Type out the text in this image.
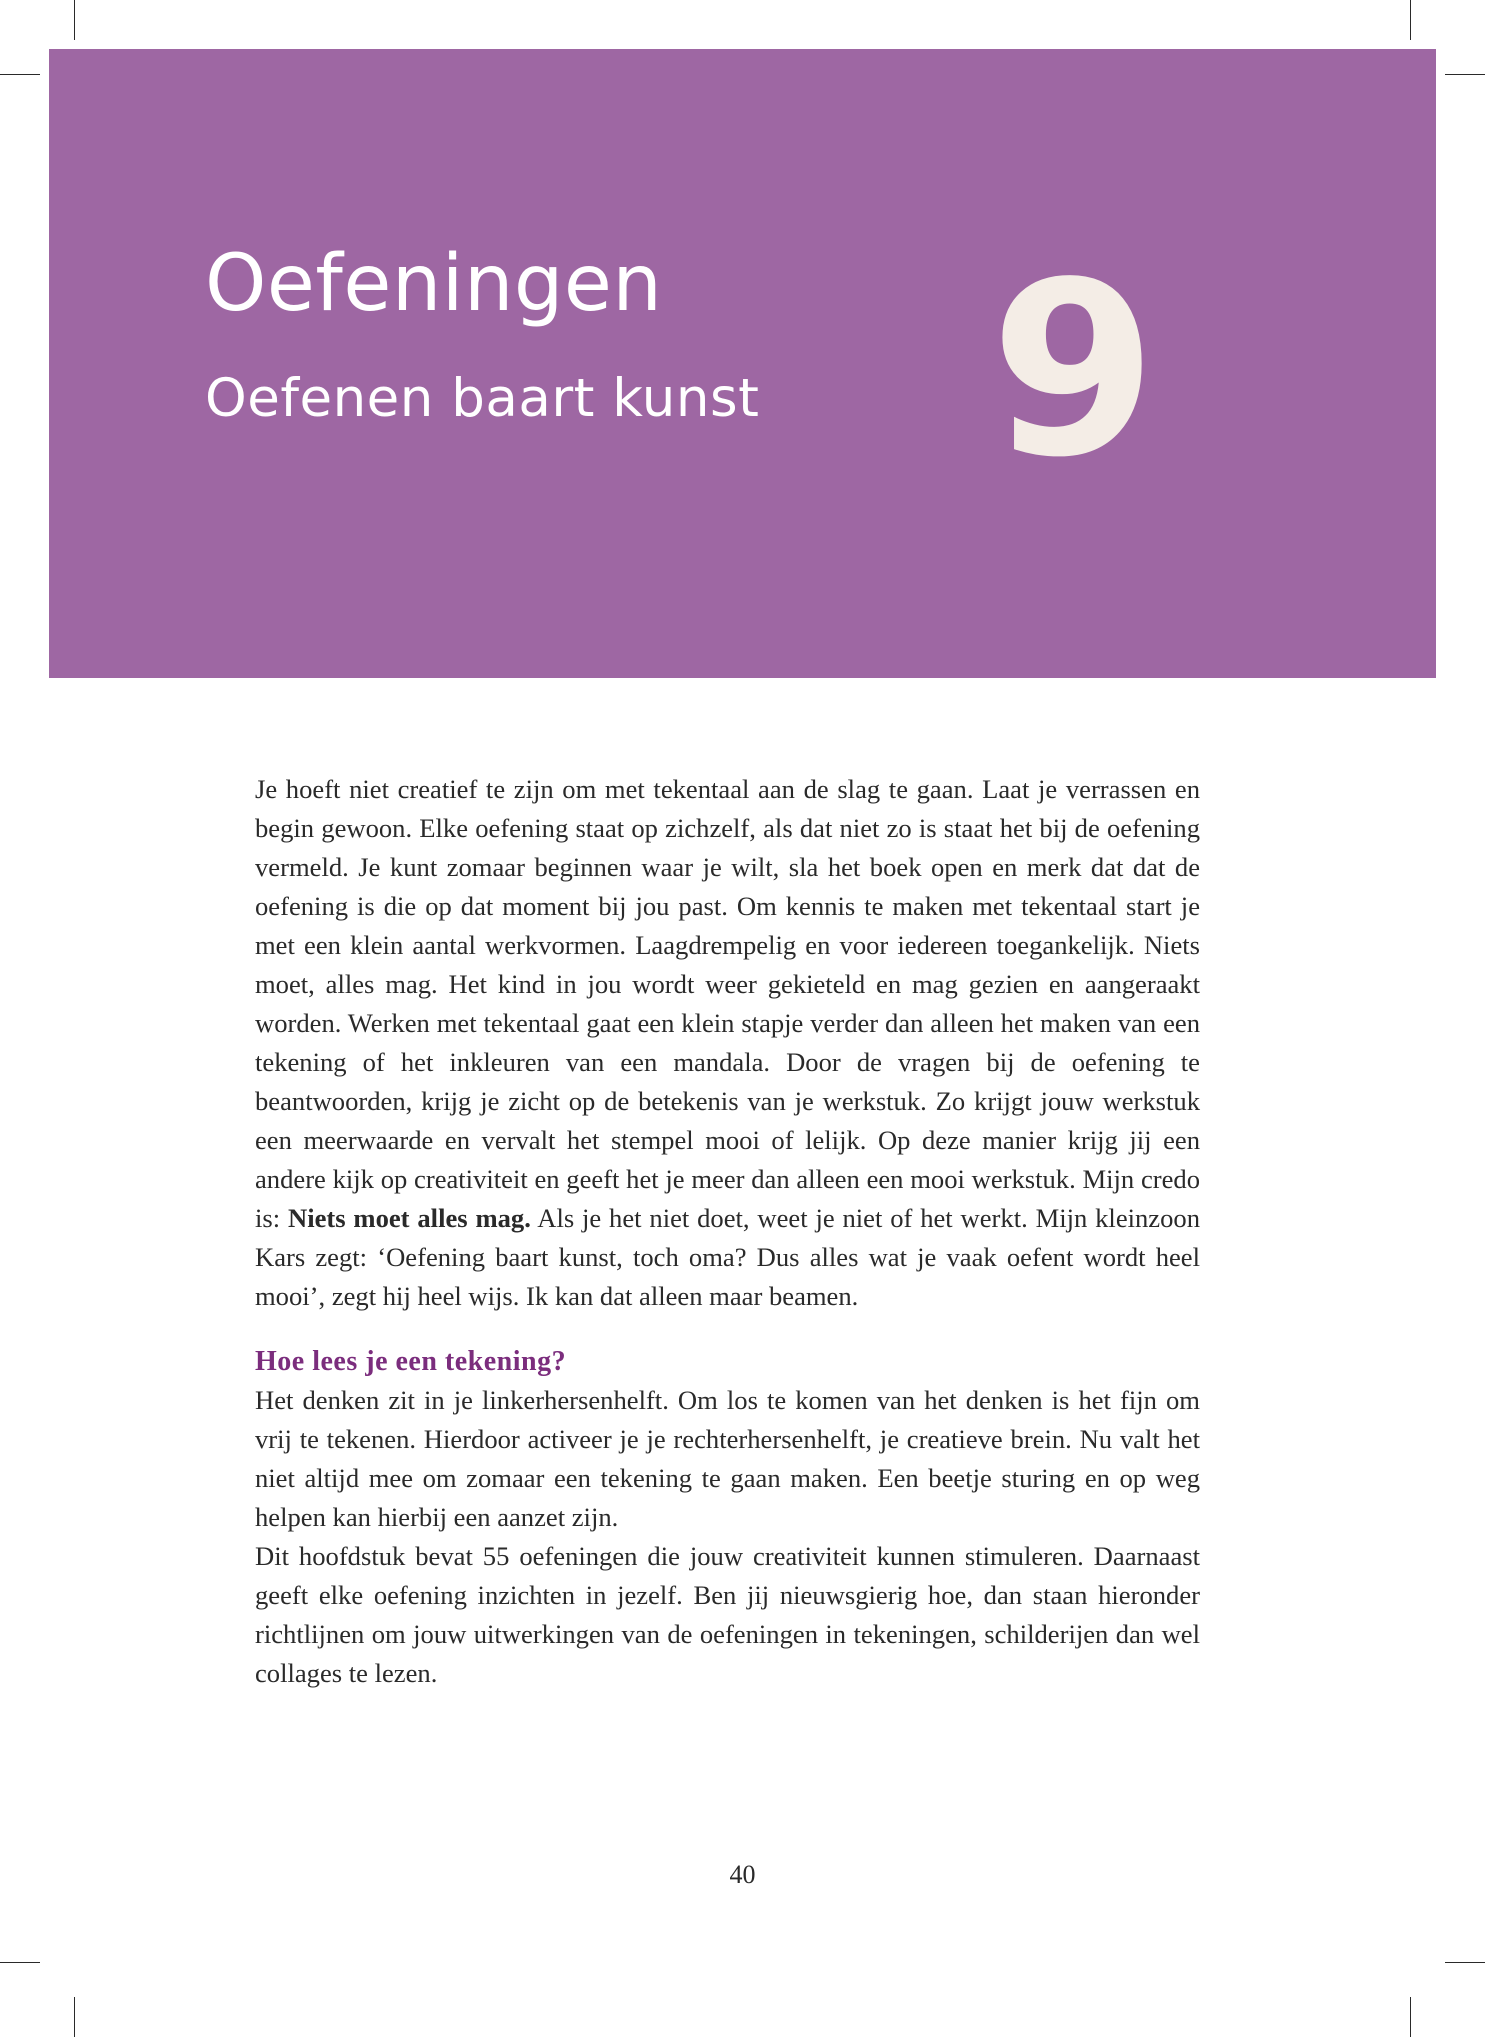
Oefeningen
Oefenen baart kunst 9

Je hoeft niet creatief te zijn om met tekentaal aan de slag te gaan. Laat je verrassen en begin gewoon. Elke oefening staat op zichzelf, als dat niet zo is staat het bij de oefening vermeld. Je kunt zomaar beginnen waar je wilt, sla het boek open en merk dat dat de oefening is die op dat moment bij jou past. Om kennis te maken met tekentaal start je met een klein aantal werkvormen. Laagdrempelig en voor iedereen toegankelijk. Niets moet, alles mag. Het kind in jou wordt weer gekieteld en mag gezien en aangeraakt worden. Werken met tekentaal gaat een klein stapje verder dan alleen het maken van een tekening of het inkleuren van een mandala. Door de vragen bij de oefening te beantwoorden, krijg je zicht op de betekenis van je werkstuk. Zo krijgt jouw werkstuk een meerwaarde en vervalt het stempel mooi of lelijk. Op deze manier krijg jij een andere kijk op creativiteit en geeft het je meer dan alleen een mooi werkstuk. Mijn credo is: Niets moet alles mag. Als je het niet doet, weet je niet of het werkt. Mijn kleinzoon Kars zegt: ‘Oefening baart kunst, toch oma? Dus alles wat je vaak oefent wordt heel mooi’, zegt hij heel wijs. Ik kan dat alleen maar beamen.

Hoe lees je een tekening?

Het denken zit in je linkerhersenhelft. Om los te komen van het denken is het fijn om vrij te tekenen. Hierdoor activeer je je rechterhersenhelft, je creatieve brein. Nu valt het niet altijd mee om zomaar een tekening te gaan maken. Een beetje sturing en op weg helpen kan hierbij een aanzet zijn.

Dit hoofdstuk bevat 55 oefeningen die jouw creativiteit kunnen stimuleren. Daarnaast geeft elke oefening inzichten in jezelf. Ben jij nieuwsgierig hoe, dan staan hieronder richtlijnen om jouw uitwerkingen van de oefeningen in tekeningen, schilderijen dan wel collages te lezen.

40
